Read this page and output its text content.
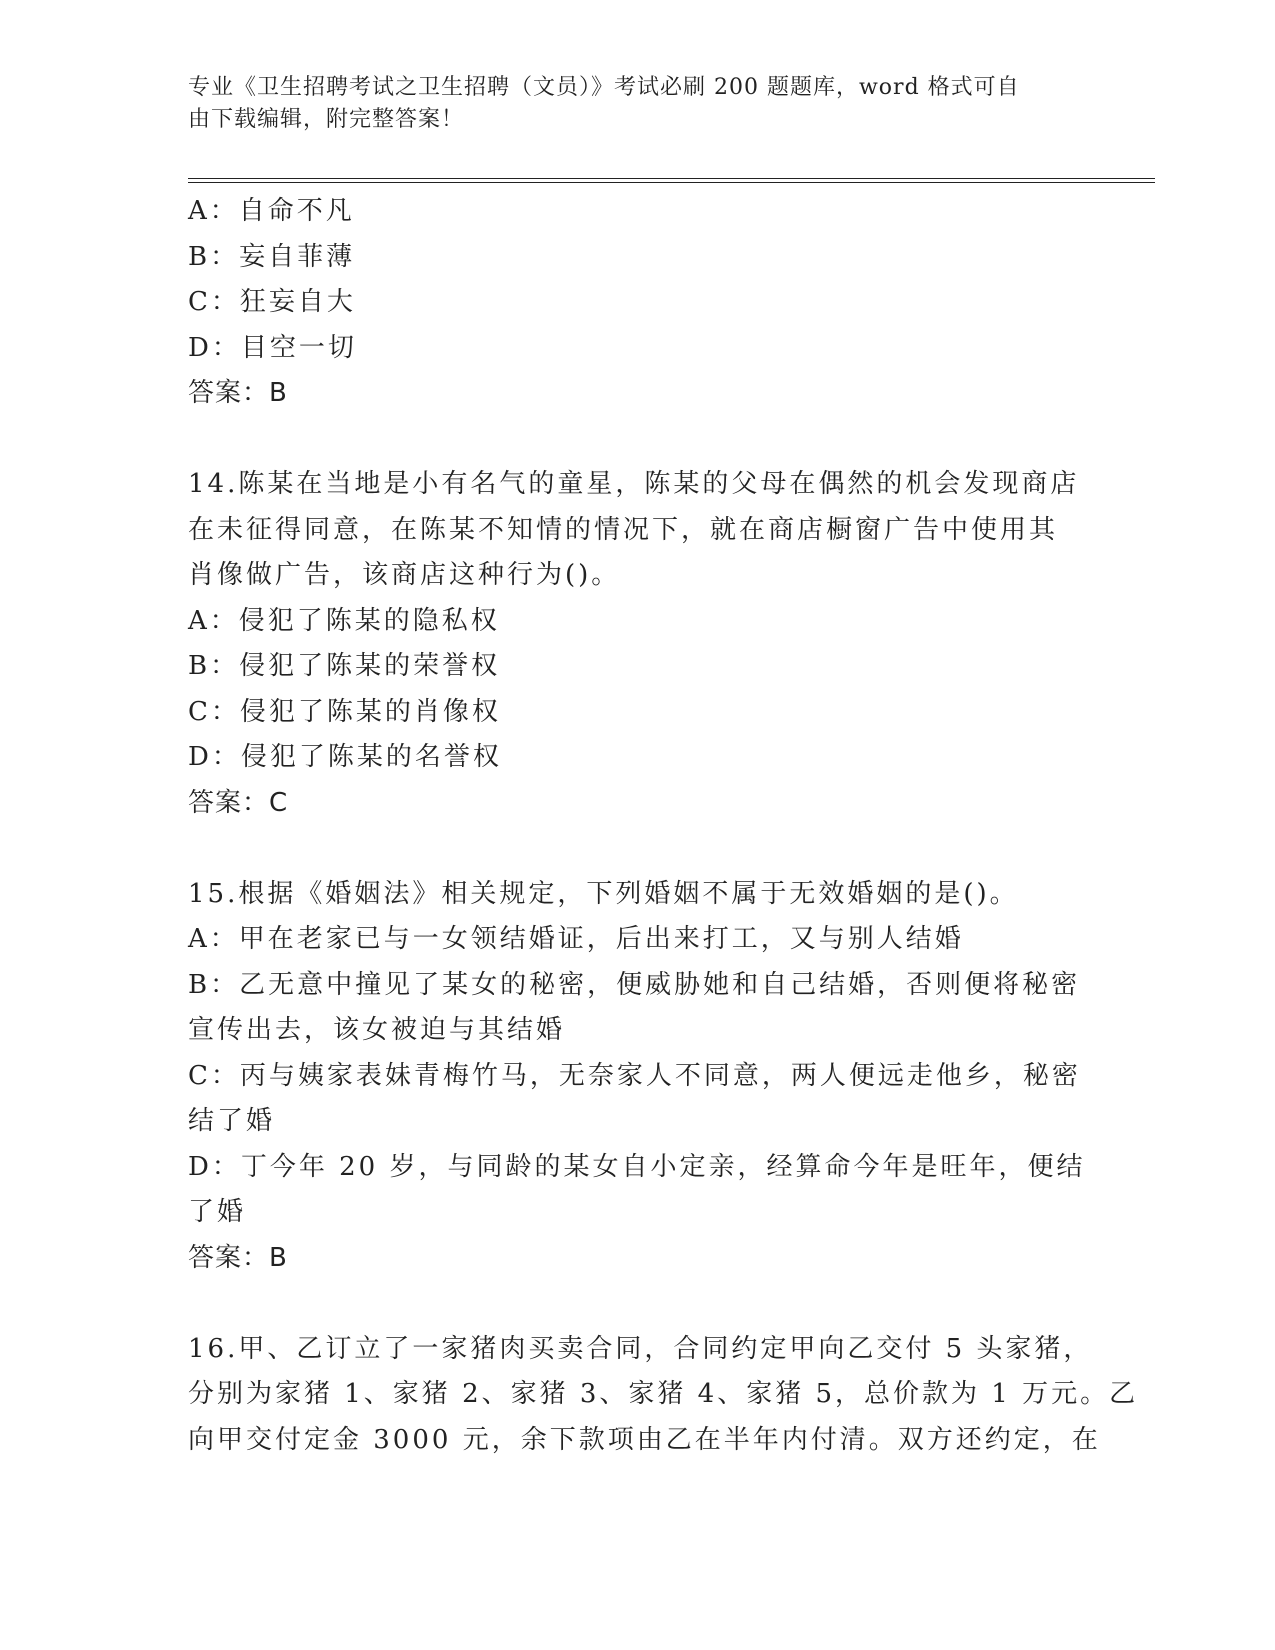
专业《卫生招聘考试之卫生招聘（文员）》考试必刷 200 题题库，word 格式可自
由下载编辑，附完整答案！
A：自命不凡
B：妄自菲薄
C：狂妄自大
D：目空一切
答案：B
14.陈某在当地是小有名气的童星，陈某的父母在偶然的机会发现商店
在未征得同意，在陈某不知情的情况下，就在商店橱窗广告中使用其
肖像做广告，该商店这种行为()。
A：侵犯了陈某的隐私权
B：侵犯了陈某的荣誉权
C：侵犯了陈某的肖像权
D：侵犯了陈某的名誉权
答案：C
15.根据《婚姻法》相关规定，下列婚姻不属于无效婚姻的是()。
A：甲在老家已与一女领结婚证，后出来打工，又与别人结婚
B：乙无意中撞见了某女的秘密，便威胁她和自己结婚，否则便将秘密
宣传出去，该女被迫与其结婚
C：丙与姨家表妹青梅竹马，无奈家人不同意，两人便远走他乡，秘密
结了婚
D：丁今年 20 岁，与同龄的某女自小定亲，经算命今年是旺年，便结
了婚
答案：B
16.甲、乙订立了一家猪肉买卖合同，合同约定甲向乙交付 5 头家猪，
分别为家猪 1、家猪 2、家猪 3、家猪 4、家猪 5，总价款为 1 万元。乙
向甲交付定金 3000 元，余下款项由乙在半年内付清。双方还约定，在
